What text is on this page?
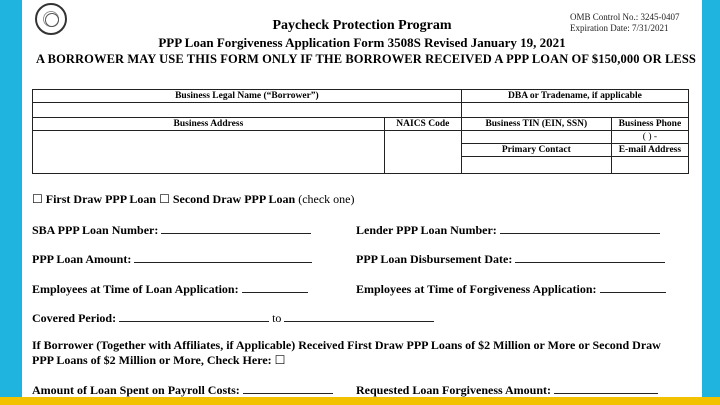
Paycheck Protection Program
PPP Loan Forgiveness Application Form 3508S Revised January 19, 2021
OMB Control No.: 3245-0407
Expiration Date: 7/31/2021
A BORROWER MAY USE THIS FORM ONLY IF THE BORROWER RECEIVED A PPP LOAN OF $150,000 OR LESS
Business Legal Name (“Borrower”)		DBA or Tradename, if applicable	

Business Address	NAICS Code	Business TIN (EIN, SSN)	Business Phone
			( ) -
		Primary Contact	E-mail Address

☐ First Draw PPP Loan ☐ Second Draw PPP Loan (check one)
SBA PPP Loan Number:	Lender PPP Loan Number:
PPP Loan Amount:	PPP Loan Disbursement Date:
Employees at Time of Loan Application:	Employees at Time of Forgiveness Application:
Covered Period:	to
If Borrower (Together with Affiliates, if Applicable) Received First Draw PPP Loans of $2 Million or More or Second Draw
PPP Loans of $2 Million or More, Check Here: ☐
Amount of Loan Spent on Payroll Costs:	Requested Loan Forgiveness Amount:
